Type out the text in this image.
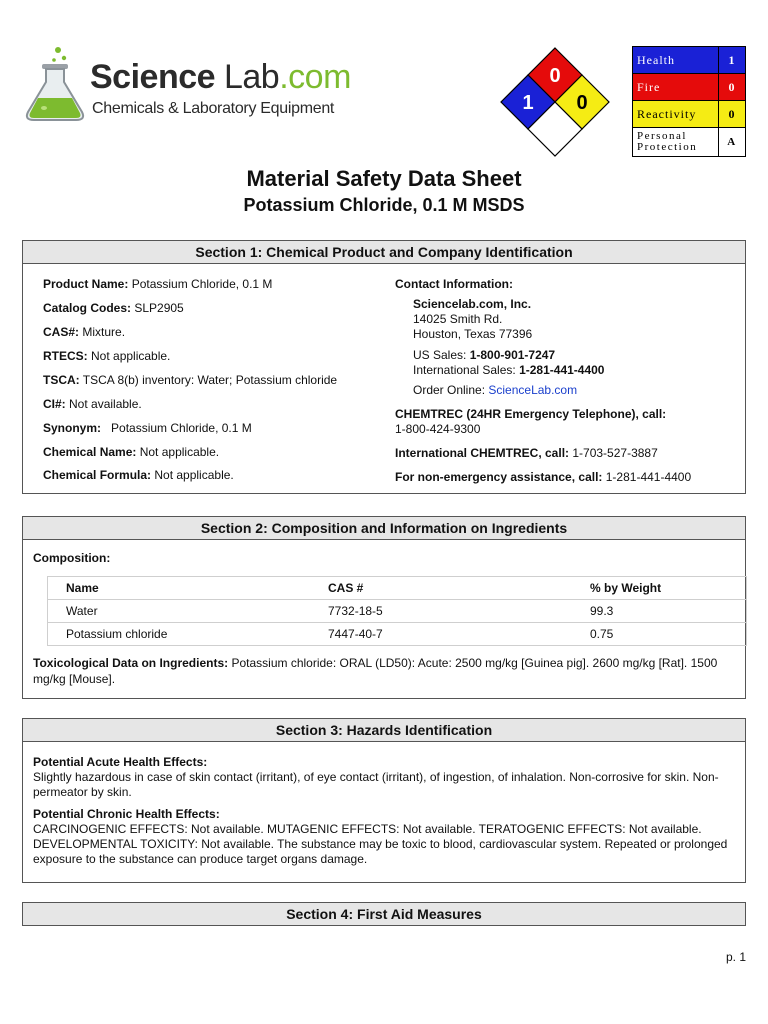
Science Lab.com
Chemicals & Laboratory Equipment
0
1 0
Health	1
Fire	0
Reactivity	0
Personal
Protection	A
Material Safety Data Sheet
Potassium Chloride, 0.1 M MSDS
Section 1: Chemical Product and Company Identification
Product Name: Potassium Chloride, 0.1 M
Catalog Codes: SLP2905
CAS#: Mixture.
RTECS: Not applicable.
TSCA: TSCA 8(b) inventory: Water; Potassium chloride
CI#: Not available.
Synonym:   Potassium Chloride, 0.1 M
Chemical Name: Not applicable.
Chemical Formula: Not applicable.
Contact Information:
Sciencelab.com, Inc.
14025 Smith Rd.
Houston, Texas 77396
US Sales: 1-800-901-7247
International Sales: 1-281-441-4400
Order Online: ScienceLab.com
CHEMTREC (24HR Emergency Telephone), call:
1-800-424-9300
International CHEMTREC, call: 1-703-527-3887
For non-emergency assistance, call: 1-281-441-4400
Section 2: Composition and Information on Ingredients
Composition:
Name	CAS #	% by Weight
Water	7732-18-5	99.3
Potassium chloride	7447-40-7	0.75
Toxicological Data on Ingredients: Potassium chloride: ORAL (LD50): Acute: 2500 mg/kg [Guinea pig]. 2600 mg/kg [Rat]. 1500 mg/kg [Mouse].
Section 3: Hazards Identification
Potential Acute Health Effects:
Slightly hazardous in case of skin contact (irritant), of eye contact (irritant), of ingestion, of inhalation. Non-corrosive for skin. Non-permeator by skin.
Potential Chronic Health Effects:
CARCINOGENIC EFFECTS: Not available. MUTAGENIC EFFECTS: Not available. TERATOGENIC EFFECTS: Not available. DEVELOPMENTAL TOXICITY: Not available. The substance may be toxic to blood, cardiovascular system. Repeated or prolonged exposure to the substance can produce target organs damage.
Section 4: First Aid Measures
p. 1
